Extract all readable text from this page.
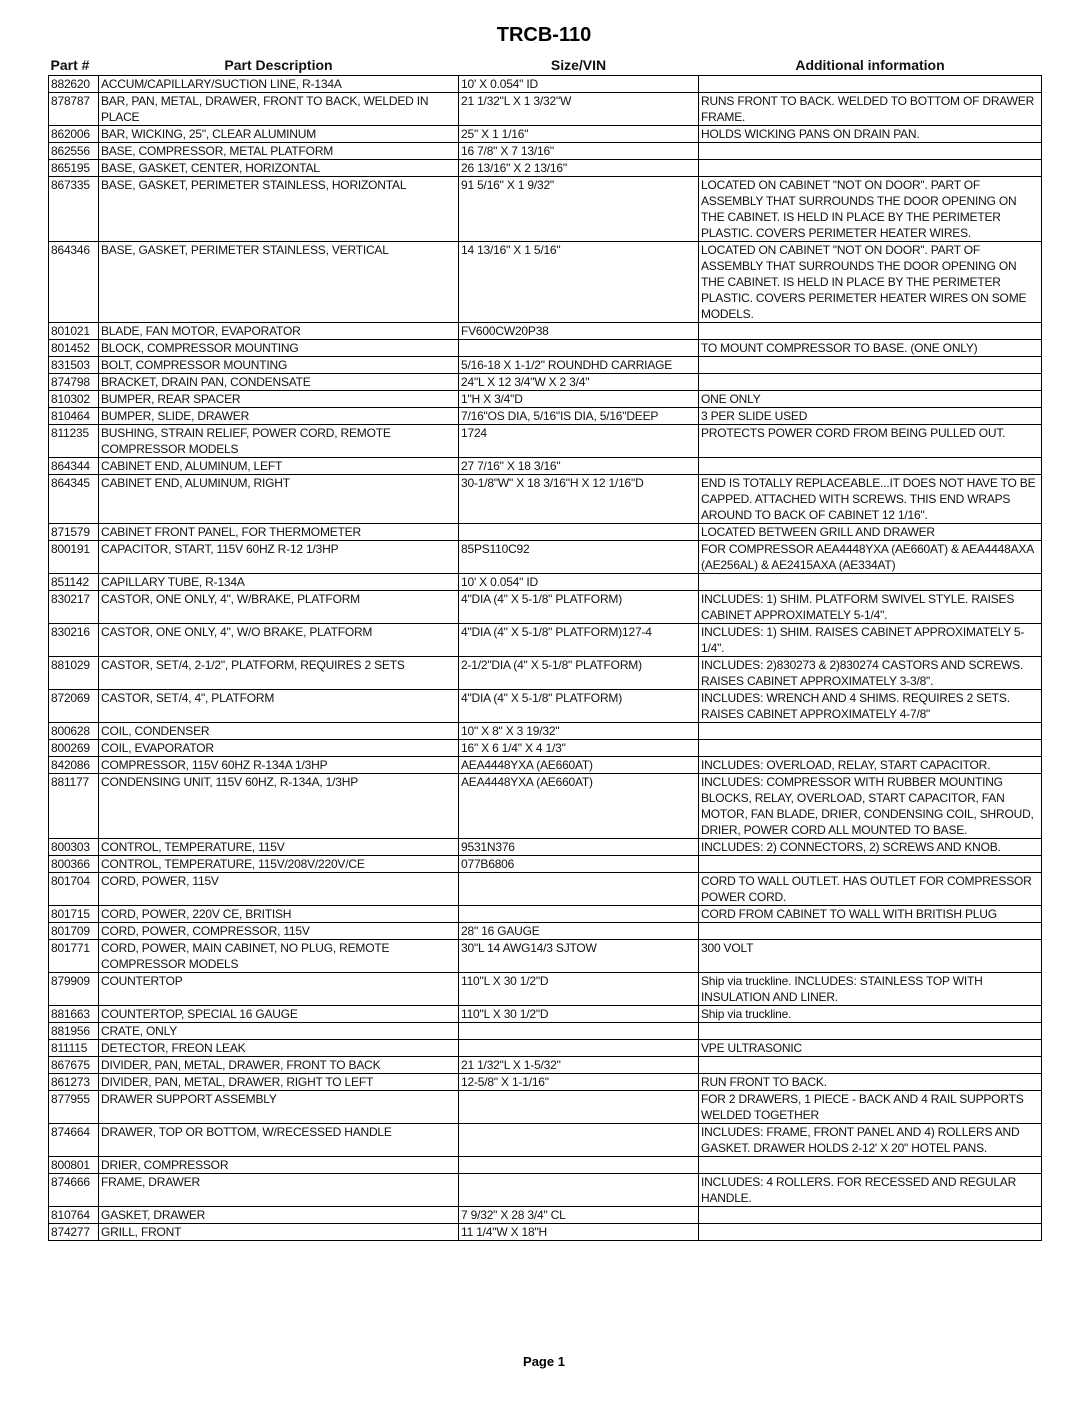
TRCB-110
Part #	Part Description	Size/VIN	Additional information
882620	ACCUM/CAPILLARY/SUCTION LINE, R-134A	10' X 0.054" ID	
878787	BAR, PAN, METAL, DRAWER, FRONT TO BACK, WELDED IN PLACE	21 1/32"L X 1 3/32"W	RUNS FRONT TO BACK. WELDED TO BOTTOM OF DRAWER FRAME.
862006	BAR, WICKING, 25", CLEAR ALUMINUM	25" X 1 1/16"	HOLDS WICKING PANS ON DRAIN PAN.
862556	BASE, COMPRESSOR, METAL PLATFORM	16 7/8" X 7 13/16"	
865195	BASE, GASKET, CENTER, HORIZONTAL	26 13/16" X 2 13/16"	
867335	BASE, GASKET, PERIMETER STAINLESS, HORIZONTAL	91 5/16" X 1 9/32"	LOCATED ON CABINET "NOT ON DOOR". PART OF ASSEMBLY THAT SURROUNDS THE DOOR OPENING ON THE CABINET. IS HELD IN PLACE BY THE PERIMETER PLASTIC. COVERS PERIMETER HEATER WIRES.
864346	BASE, GASKET, PERIMETER STAINLESS, VERTICAL	14 13/16" X 1 5/16"	LOCATED ON CABINET "NOT ON DOOR". PART OF ASSEMBLY THAT SURROUNDS THE DOOR OPENING ON THE CABINET. IS HELD IN PLACE BY THE PERIMETER PLASTIC. COVERS PERIMETER HEATER WIRES ON SOME MODELS.
801021	BLADE, FAN MOTOR, EVAPORATOR	FV600CW20P38	
801452	BLOCK, COMPRESSOR MOUNTING		TO MOUNT COMPRESSOR TO BASE. (ONE ONLY)
831503	BOLT, COMPRESSOR MOUNTING	5/16-18 X 1-1/2" ROUNDHD CARRIAGE	
874798	BRACKET, DRAIN PAN, CONDENSATE	24"L X 12 3/4"W X 2 3/4"	
810302	BUMPER, REAR SPACER	1"H X 3/4"D	ONE ONLY
810464	BUMPER, SLIDE, DRAWER	7/16"OS DIA, 5/16"IS DIA, 5/16"DEEP	3 PER SLIDE USED
811235	BUSHING, STRAIN RELIEF, POWER CORD, REMOTE COMPRESSOR MODELS	1724	PROTECTS POWER CORD FROM BEING PULLED OUT.
864344	CABINET END, ALUMINUM, LEFT	27 7/16" X 18 3/16"	
864345	CABINET END, ALUMINUM, RIGHT	30-1/8"W" X 18 3/16"H X 12 1/16"D	END IS TOTALLY REPLACEABLE...IT DOES NOT HAVE TO BE CAPPED. ATTACHED WITH SCREWS. THIS END WRAPS AROUND TO BACK OF CABINET 12 1/16".
871579	CABINET FRONT PANEL, FOR THERMOMETER		LOCATED BETWEEN GRILL AND DRAWER
800191	CAPACITOR, START, 115V 60HZ R-12 1/3HP	85PS110C92	FOR COMPRESSOR AEA4448YXA (AE660AT) & AEA4448AXA (AE256AL) & AE2415AXA (AE334AT)
851142	CAPILLARY TUBE, R-134A	10' X 0.054" ID	
830217	CASTOR, ONE ONLY, 4", W/BRAKE, PLATFORM	4"DIA (4" X 5-1/8" PLATFORM)	INCLUDES: 1) SHIM. PLATFORM SWIVEL STYLE. RAISES CABINET APPROXIMATELY 5-1/4".
830216	CASTOR, ONE ONLY, 4", W/O BRAKE, PLATFORM	4"DIA (4" X 5-1/8" PLATFORM)127-4	INCLUDES: 1) SHIM. RAISES CABINET APPROXIMATELY 5-1/4".
881029	CASTOR, SET/4, 2-1/2", PLATFORM, REQUIRES 2 SETS	2-1/2"DIA (4" X 5-1/8" PLATFORM)	INCLUDES: 2)830273 & 2)830274 CASTORS AND SCREWS. RAISES CABINET APPROXIMATELY 3-3/8".
872069	CASTOR, SET/4, 4", PLATFORM	4"DIA (4" X 5-1/8" PLATFORM)	INCLUDES: WRENCH AND 4 SHIMS. REQUIRES 2 SETS. RAISES CABINET APPROXIMATELY 4-7/8"
800628	COIL, CONDENSER	10" X 8" X 3 19/32"	
800269	COIL, EVAPORATOR	16" X 6 1/4" X 4 1/3"	
842086	COMPRESSOR, 115V 60HZ R-134A 1/3HP	AEA4448YXA (AE660AT)	INCLUDES: OVERLOAD, RELAY, START CAPACITOR.
881177	CONDENSING UNIT, 115V 60HZ, R-134A, 1/3HP	AEA4448YXA (AE660AT)	INCLUDES: COMPRESSOR WITH RUBBER MOUNTING BLOCKS, RELAY, OVERLOAD, START CAPACITOR, FAN MOTOR, FAN BLADE, DRIER, CONDENSING COIL, SHROUD, DRIER, POWER CORD ALL MOUNTED TO BASE.
800303	CONTROL, TEMPERATURE, 115V	9531N376	INCLUDES: 2) CONNECTORS, 2) SCREWS AND KNOB.
800366	CONTROL, TEMPERATURE, 115V/208V/220V/CE	077B6806	
801704	CORD, POWER, 115V		CORD TO WALL OUTLET. HAS OUTLET FOR COMPRESSOR POWER CORD.
801715	CORD, POWER, 220V CE, BRITISH		CORD FROM CABINET TO WALL WITH BRITISH PLUG
801709	CORD, POWER, COMPRESSOR, 115V	28" 16 GAUGE	
801771	CORD, POWER, MAIN CABINET, NO PLUG, REMOTE COMPRESSOR MODELS	30"L 14 AWG14/3 SJTOW	300 VOLT
879909	COUNTERTOP	110"L X 30 1/2"D	Ship via truckline. INCLUDES: STAINLESS TOP WITH INSULATION AND LINER.
881663	COUNTERTOP, SPECIAL 16 GAUGE	110"L X 30 1/2"D	Ship via truckline.
881956	CRATE, ONLY		
811115	DETECTOR, FREON LEAK		VPE ULTRASONIC
867675	DIVIDER, PAN, METAL, DRAWER, FRONT TO BACK	21 1/32"L X 1-5/32"	
861273	DIVIDER, PAN, METAL, DRAWER, RIGHT TO LEFT	12-5/8" X 1-1/16"	RUN FRONT TO BACK.
877955	DRAWER SUPPORT ASSEMBLY		FOR 2 DRAWERS, 1 PIECE - BACK AND 4 RAIL SUPPORTS WELDED TOGETHER
874664	DRAWER, TOP OR BOTTOM, W/RECESSED HANDLE		INCLUDES: FRAME, FRONT PANEL AND 4) ROLLERS AND GASKET. DRAWER HOLDS 2-12' X 20" HOTEL PANS.
800801	DRIER, COMPRESSOR		
874666	FRAME, DRAWER		INCLUDES: 4 ROLLERS. FOR RECESSED AND REGULAR HANDLE.
810764	GASKET, DRAWER	7 9/32" X 28 3/4" CL	
874277	GRILL, FRONT	11 1/4"W X 18"H	
Page 1
